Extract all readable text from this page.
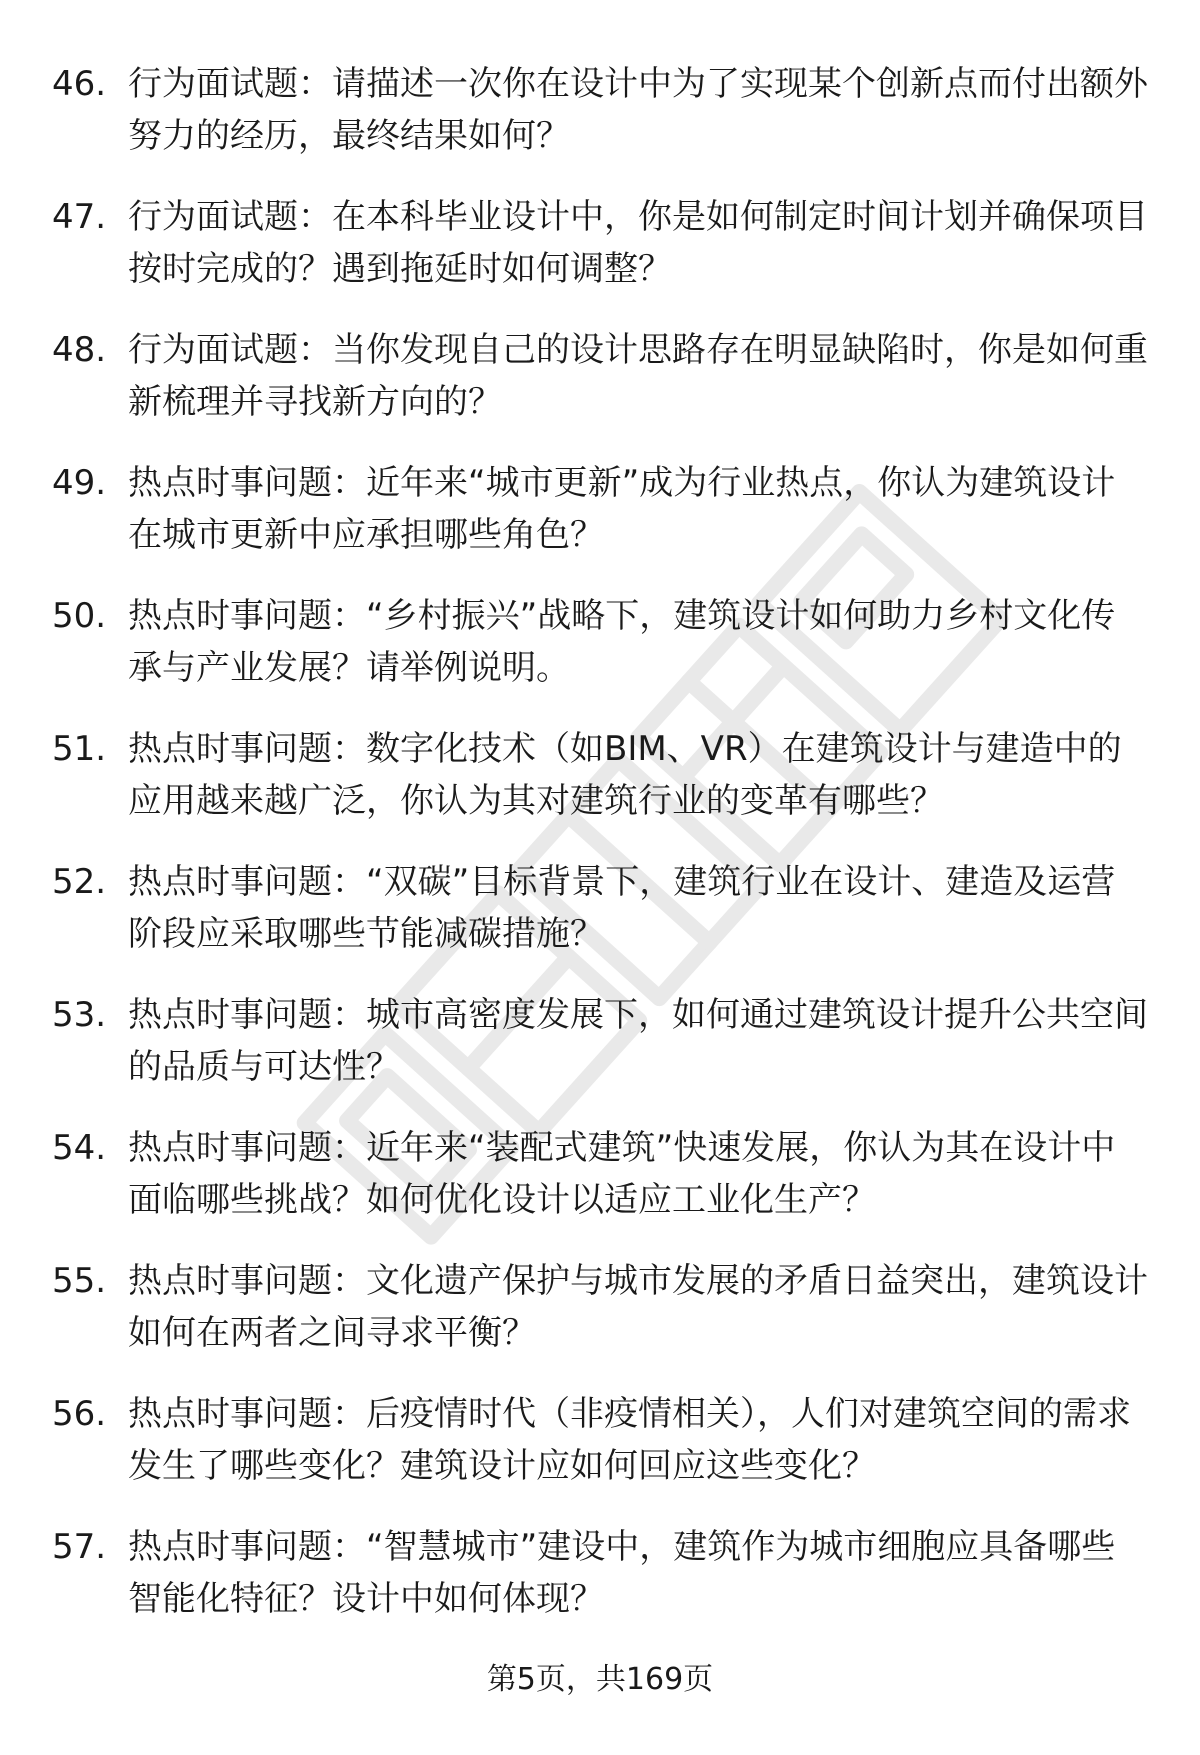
46. 行为面试题：请描述一次你在设计中为了实现某个创新点而付出额外努力的经历，最终结果如何？
47. 行为面试题：在本科毕业设计中，你是如何制定时间计划并确保项目按时完成的？遇到拖延时如何调整？
48. 行为面试题：当你发现自己的设计思路存在明显缺陷时，你是如何重新梳理并寻找新方向的？
49. 热点时事问题：近年来“城市更新”成为行业热点，你认为建筑设计在城市更新中应承担哪些角色？
50. 热点时事问题：“乡村振兴”战略下，建筑设计如何助力乡村文化传承与产业发展？请举例说明。
51. 热点时事问题：数字化技术（如BIM、VR）在建筑设计与建造中的应用越来越广泛，你认为其对建筑行业的变革有哪些？
52. 热点时事问题：“双碳”目标背景下，建筑行业在设计、建造及运营阶段应采取哪些节能减碳措施？
53. 热点时事问题：城市高密度发展下，如何通过建筑设计提升公共空间的品质与可达性？
54. 热点时事问题：近年来“装配式建筑”快速发展，你认为其在设计中面临哪些挑战？如何优化设计以适应工业化生产？
55. 热点时事问题：文化遗产保护与城市发展的矛盾日益突出，建筑设计如何在两者之间寻求平衡？
56. 热点时事问题：后疫情时代（非疫情相关），人们对建筑空间的需求发生了哪些变化？建筑设计应如何回应这些变化？
57. 热点时事问题：“智慧城市”建设中，建筑作为城市细胞应具备哪些智能化特征？设计中如何体现？
第5页，共169页
